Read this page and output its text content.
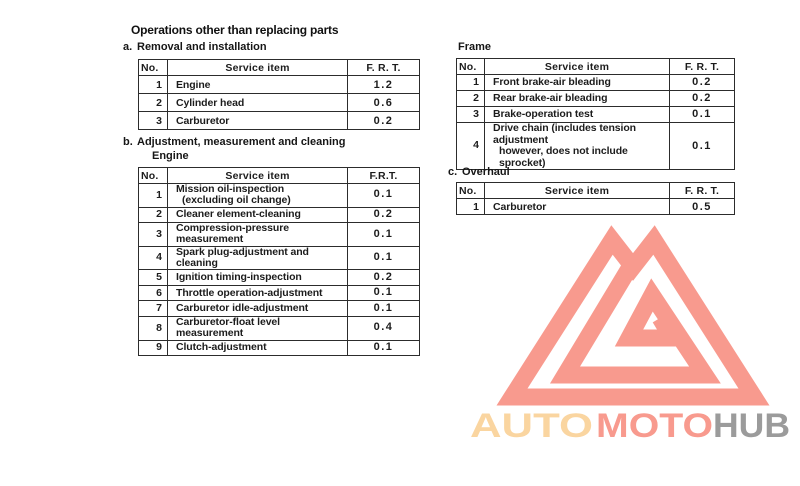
Operations other than replacing parts
a. Removal and installation
No.	Service item	F. R. T.
1	Engine	1.2
2	Cylinder head	0.6
3	Carburetor	0.2
b. Adjustment, measurement and cleaning
Engine
No.	Service item	F.R.T.
1	Mission oil-inspection
(excluding oil change)	0.1
2	Cleaner element-cleaning	0.2
3	Compression-pressure measurement	0.1
4	Spark plug-adjustment and cleaning	0.1
5	Ignition timing-inspection	0.2
6	Throttle operation-adjustment	0.1
7	Carburetor idle-adjustment	0.1
8	Carburetor-float level measurement	0.4
9	Clutch-adjustment	0.1
Frame
No.	Service item	F. R. T.
1	Front brake-air bleading	0.2
2	Rear brake-air bleading	0.2
3	Brake-operation test	0.1
4	Drive chain (includes tension adjustment
however, does not include sprocket)	0.1
c. Overhaul
AUTO MOTO HUB
No.	Service item	F. R. T.
1	Carburetor	0.5
